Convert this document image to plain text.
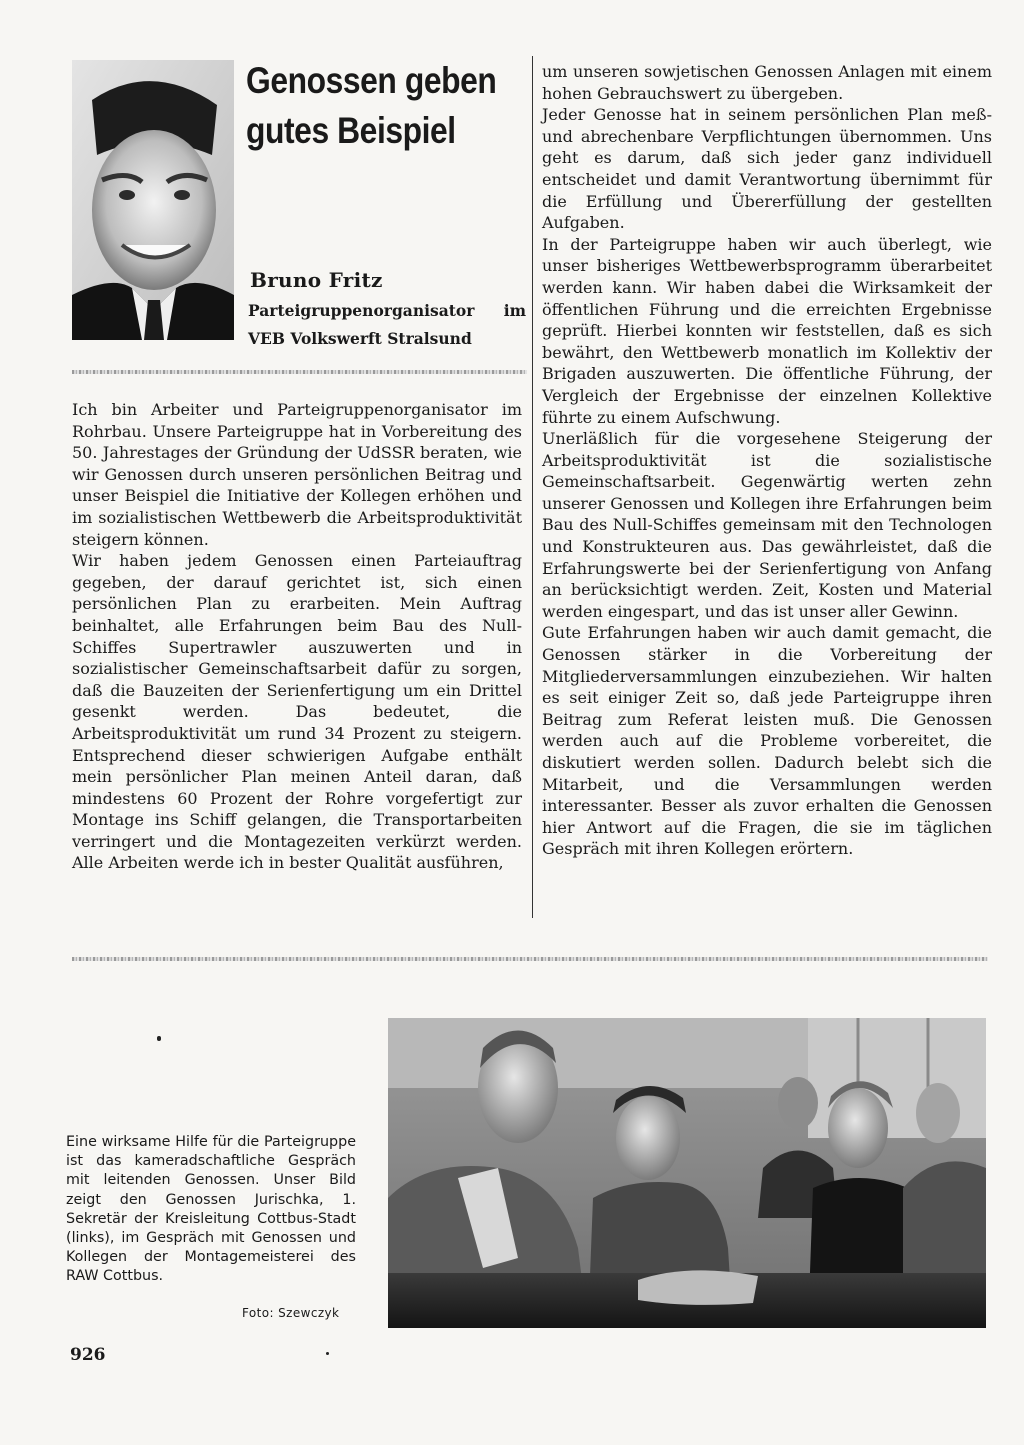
Genossen geben
gutes Beispiel
Bruno Fritz
Parteigruppenorganisator im
VEB Volkswerft Stralsund

Ich bin Arbeiter und Parteigruppenorganisator im Rohrbau. Unsere Parteigruppe hat in Vorbereitung des 50. Jahrestages der Gründung der UdSSR beraten, wie wir Genossen durch unseren persönlichen Beitrag und unser Beispiel die Initiative der Kollegen erhöhen und im sozialistischen Wettbewerb die Arbeitsproduktivität steigern können.

Wir haben jedem Genossen einen Parteiauftrag gegeben, der darauf gerichtet ist, sich einen persönlichen Plan zu erarbeiten. Mein Auftrag beinhaltet, alle Erfahrungen beim Bau des Null-Schiffes Supertrawler auszuwerten und in sozialistischer Gemeinschaftsarbeit dafür zu sorgen, daß die Bauzeiten der Serienfertigung um ein Drittel gesenkt werden. Das bedeutet, die Arbeitsproduktivität um rund 34 Prozent zu steigern. Entsprechend dieser schwierigen Aufgabe enthält mein persönlicher Plan meinen Anteil daran, daß mindestens 60 Prozent der Rohre vorgefertigt zur Montage ins Schiff gelangen, die Transportarbeiten verringert und die Montagezeiten verkürzt werden. Alle Arbeiten werde ich in bester Qualität ausführen,

um unseren sowjetischen Genossen Anlagen mit einem hohen Gebrauchswert zu übergeben.

Jeder Genosse hat in seinem persönlichen Plan meß- und abrechenbare Verpflichtungen übernommen. Uns geht es darum, daß sich jeder ganz individuell entscheidet und damit Verantwortung übernimmt für die Erfüllung und Übererfüllung der gestellten Aufgaben.

In der Parteigruppe haben wir auch überlegt, wie unser bisheriges Wettbewerbsprogramm überarbeitet werden kann. Wir haben dabei die Wirksamkeit der öffentlichen Führung und die erreichten Ergebnisse geprüft. Hierbei konnten wir feststellen, daß es sich bewährt, den Wettbewerb monatlich im Kollektiv der Brigaden auszuwerten. Die öffentliche Führung, der Vergleich der Ergebnisse der einzelnen Kollektive führte zu einem Aufschwung.

Unerläßlich für die vorgesehene Steigerung der Arbeitsproduktivität ist die sozialistische Gemeinschaftsarbeit. Gegenwärtig werten zehn unserer Genossen und Kollegen ihre Erfahrungen beim Bau des Null-Schiffes gemeinsam mit den Technologen und Konstrukteuren aus. Das gewährleistet, daß die Erfahrungswerte bei der Serienfertigung von Anfang an berücksichtigt werden. Zeit, Kosten und Material werden eingespart, und das ist unser aller Gewinn.

Gute Erfahrungen haben wir auch damit gemacht, die Genossen stärker in die Vorbereitung der Mitgliederversammlungen einzubeziehen. Wir halten es seit einiger Zeit so, daß jede Parteigruppe ihren Beitrag zum Referat leisten muß. Die Genossen werden auch auf die Probleme vorbereitet, die diskutiert werden sollen. Dadurch belebt sich die Mitarbeit, und die Versammlungen werden interessanter. Besser als zuvor erhalten die Genossen hier Antwort auf die Fragen, die sie im täglichen Gespräch mit ihren Kollegen erörtern.

Eine wirksame Hilfe für die Parteigruppe ist das kameradschaftliche Gespräch mit leitenden Genossen. Unser Bild zeigt den Genossen Jurischka, 1. Sekretär der Kreisleitung Cottbus-Stadt (links), im Gespräch mit Genossen und Kollegen der Montagemeisterei des RAW Cottbus.
Foto: Szewczyk
926
